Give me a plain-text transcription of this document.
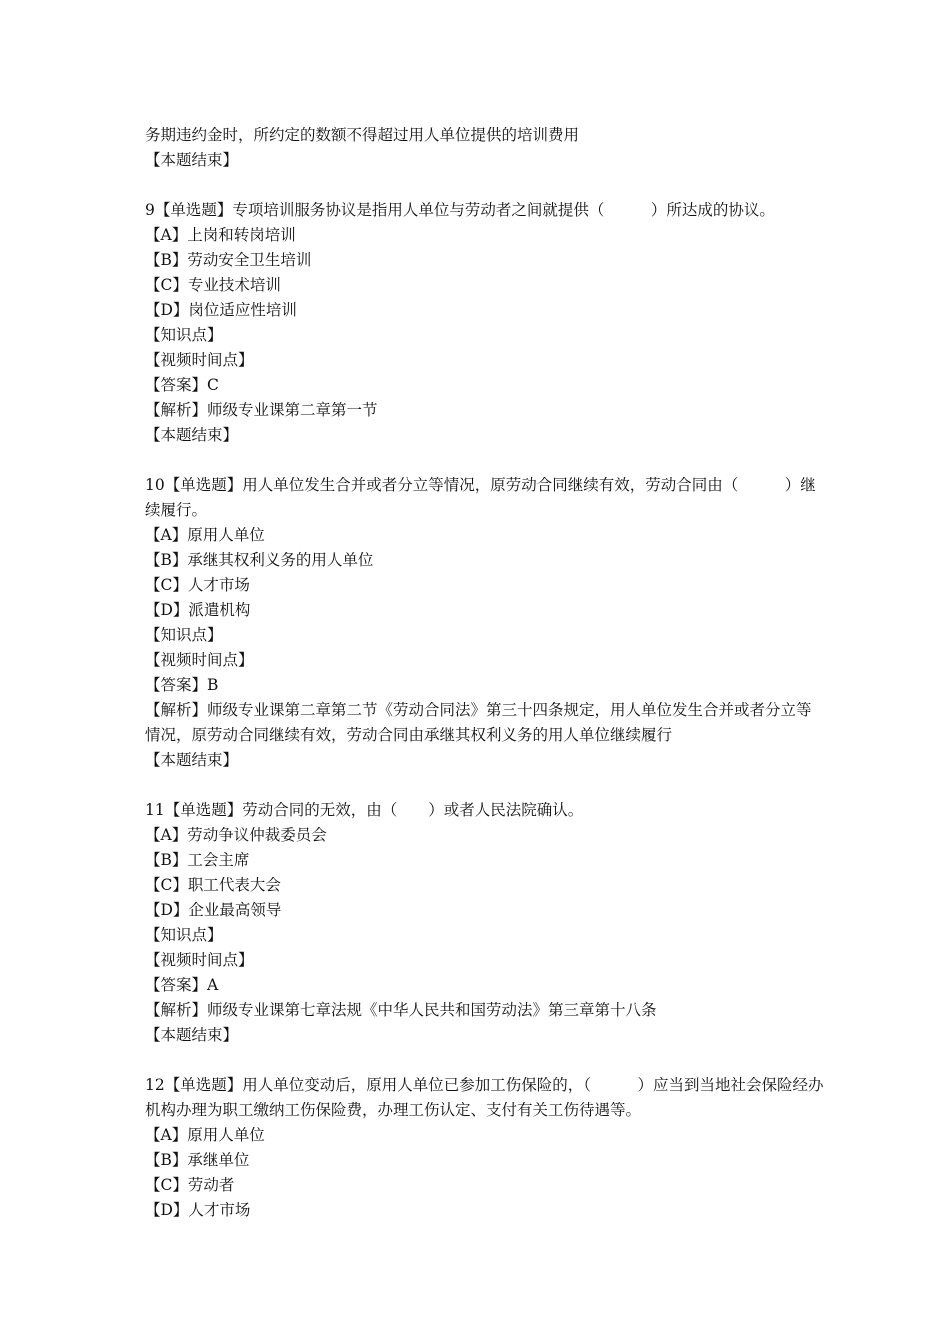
务期违约金时，所约定的数额不得超过用人单位提供的培训费用
【本题结束】
9【单选题】专项培训服务协议是指用人单位与劳动者之间就提供（　　　）所达成的协议。
【A】上岗和转岗培训
【B】劳动安全卫生培训
【C】专业技术培训
【D】岗位适应性培训
【知识点】
【视频时间点】
【答案】C
【解析】师级专业课第二章第一节
【本题结束】
10【单选题】用人单位发生合并或者分立等情况，原劳动合同继续有效，劳动合同由（　　　）继续履行。
【A】原用人单位
【B】承继其权利义务的用人单位
【C】人才市场
【D】派遣机构
【知识点】
【视频时间点】
【答案】B
【解析】师级专业课第二章第二节《劳动合同法》第三十四条规定，用人单位发生合并或者分立等情况，原劳动合同继续有效，劳动合同由承继其权利义务的用人单位继续履行
【本题结束】
11【单选题】劳动合同的无效，由（　　）或者人民法院确认。
【A】劳动争议仲裁委员会
【B】工会主席
【C】职工代表大会
【D】企业最高领导
【知识点】
【视频时间点】
【答案】A
【解析】师级专业课第七章法规《中华人民共和国劳动法》第三章第十八条
【本题结束】
12【单选题】用人单位变动后，原用人单位已参加工伤保险的，（　　　）应当到当地社会保险经办机构办理为职工缴纳工伤保险费，办理工伤认定、支付有关工伤待遇等。
【A】原用人单位
【B】承继单位
【C】劳动者
【D】人才市场
